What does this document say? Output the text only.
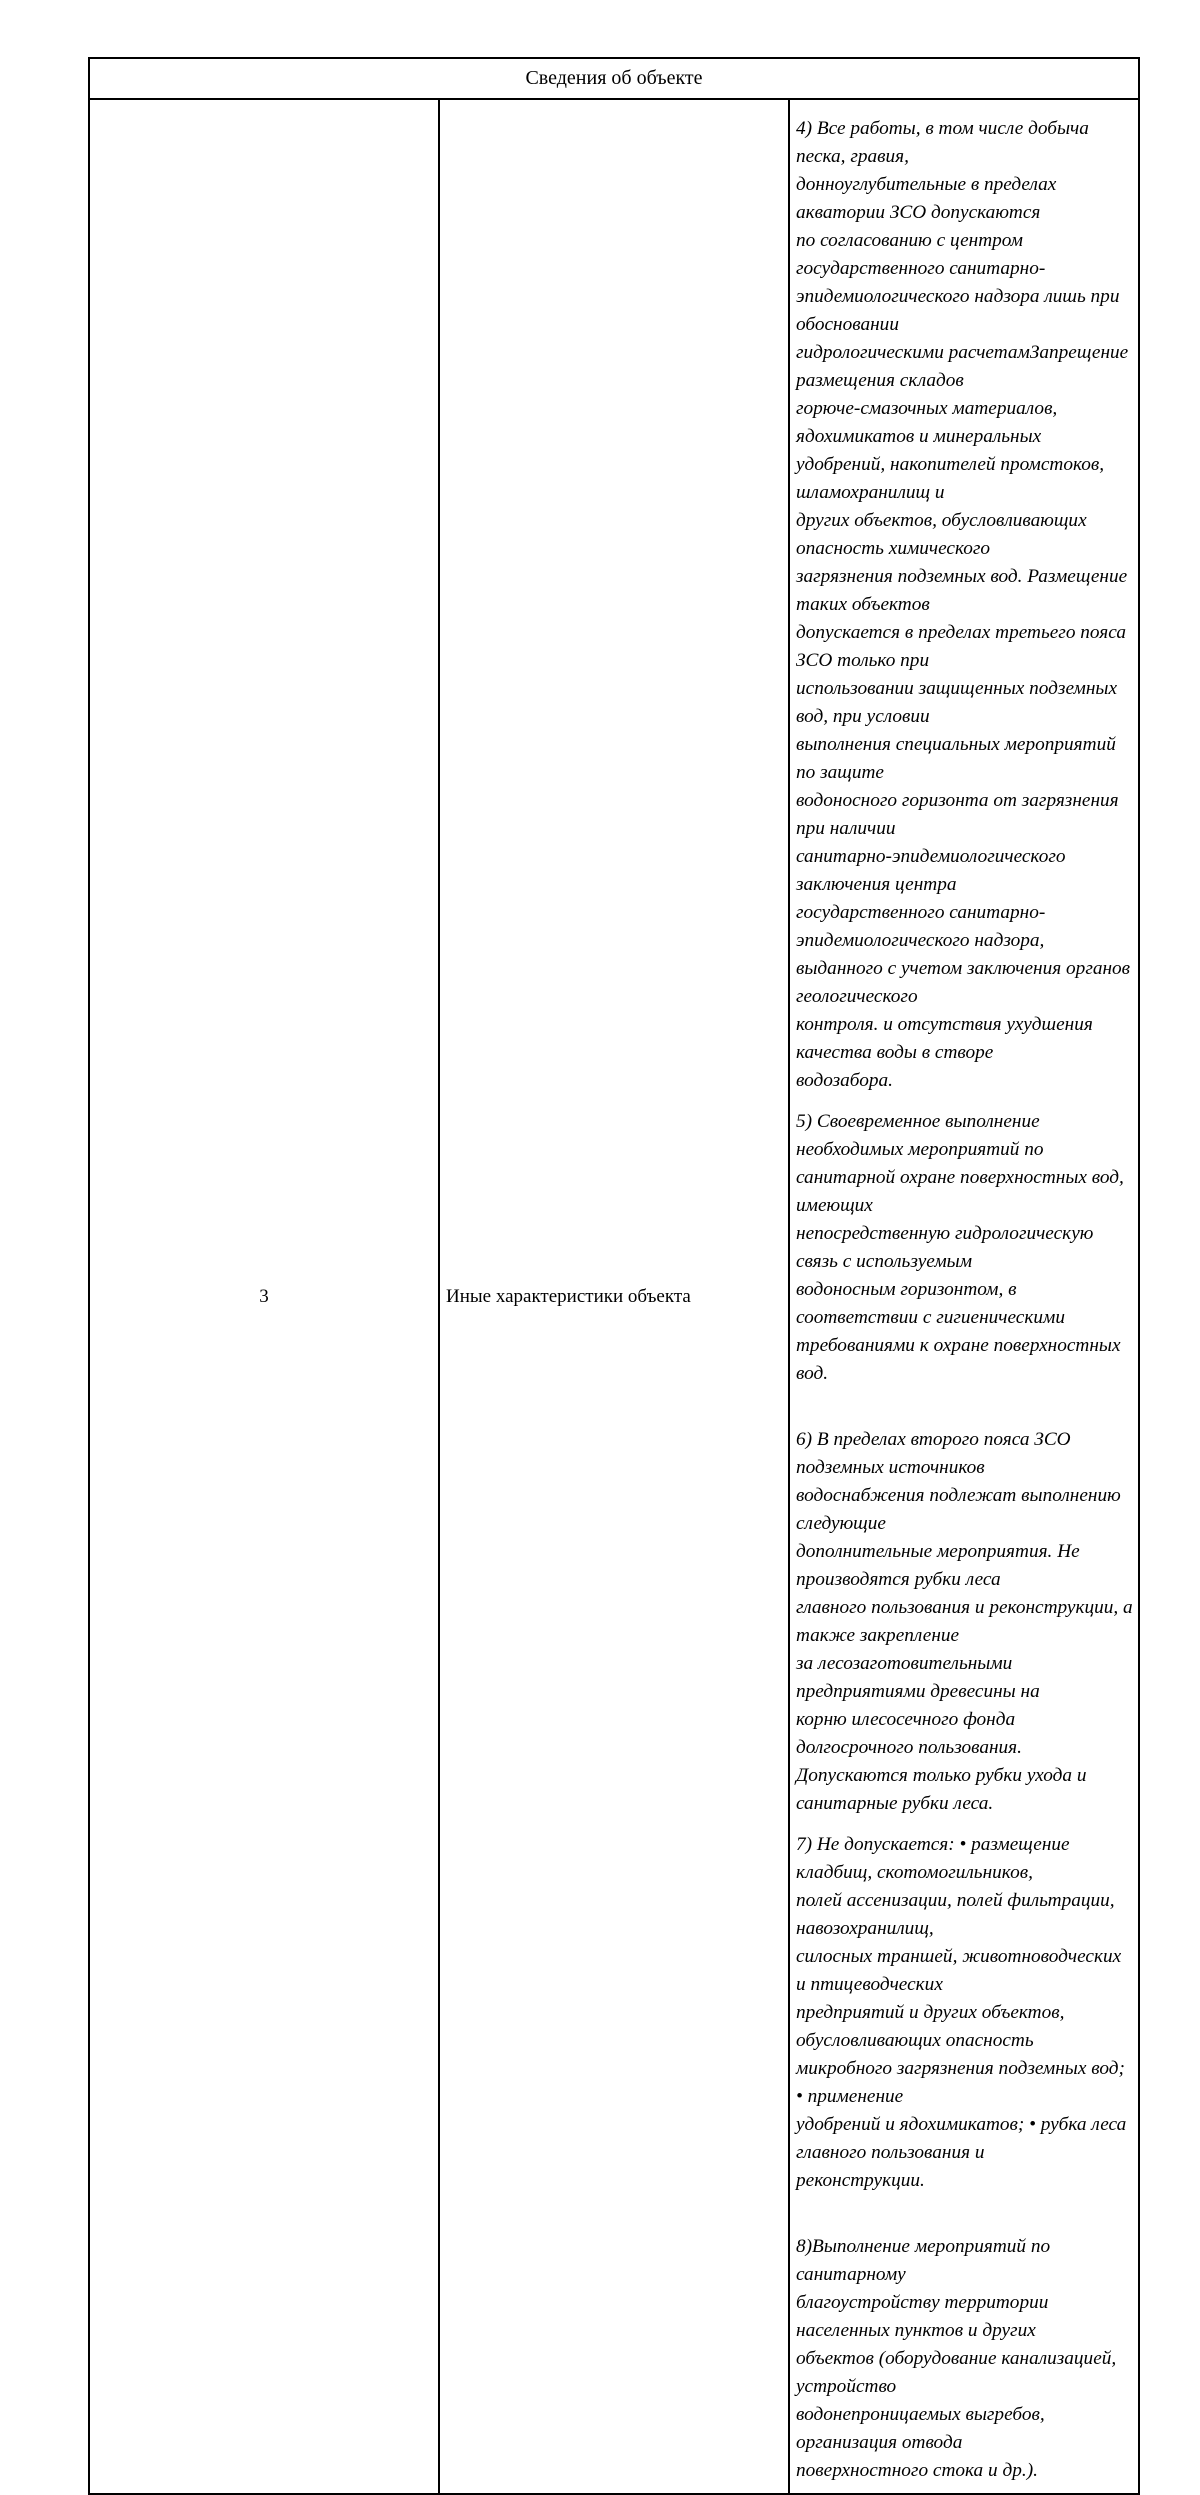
Сведения об объекте
3	Иные характеристики объекта	

4) Все работы, в том числе добыча песка, гравия,
донноуглубительные в пределах акватории ЗСО допускаются
по согласованию с центром государственного санитарно-
эпидемиологического надзора лишь при обосновании
гидрологическими расчетамЗапрещение размещения складов
горюче-смазочных материалов, ядохимикатов и минеральных
удобрений, накопителей промстоков, шламохранилищ и
других объектов, обусловливающих опасность химического
загрязнения подземных вод. Размещение таких объектов
допускается в пределах третьего пояса ЗСО только при
использовании защищенных подземных вод, при условии
выполнения специальных мероприятий по защите
водоносного горизонта от загрязнения при наличии
санитарно-эпидемиологического заключения центра
государственного санитарно-эпидемиологического надзора,
выданного с учетом заключения органов геологического
контроля. и отсутствия ухудшения качества воды в створе
водозабора.

5) Своевременное выполнение необходимых мероприятий по
санитарной охране поверхностных вод, имеющих
непосредственную гидрологическую связь с используемым
водоносным горизонтом, в соответствии с гигиеническими
требованиями к охране поверхностных вод.

6) В пределах второго пояса ЗСО подземных источников
водоснабжения подлежат выполнению следующие
дополнительные мероприятия. Не производятся рубки леса
главного пользования и реконструкции, а также закрепление
за лесозаготовительными предприятиями древесины на
корню илесосечного фонда долгосрочного пользования.
Допускаются только рубки ухода и санитарные рубки леса.

7) Не допускается: • размещение кладбищ, скотомогильников,
полей ассенизации, полей фильтрации, навозохранилищ,
силосных траншей, животноводческих и птицеводческих
предприятий и других объектов, обусловливающих опасность
микробного загрязнения подземных вод; • применение
удобрений и ядохимикатов; • рубка леса главного пользования и
реконструкции.

8)Выполнение мероприятий по санитарному
благоустройству территории населенных пунктов и других
объектов (оборудование канализацией, устройство
водонепроницаемых выгребов, организация отвода
поверхностного стока и др.).
